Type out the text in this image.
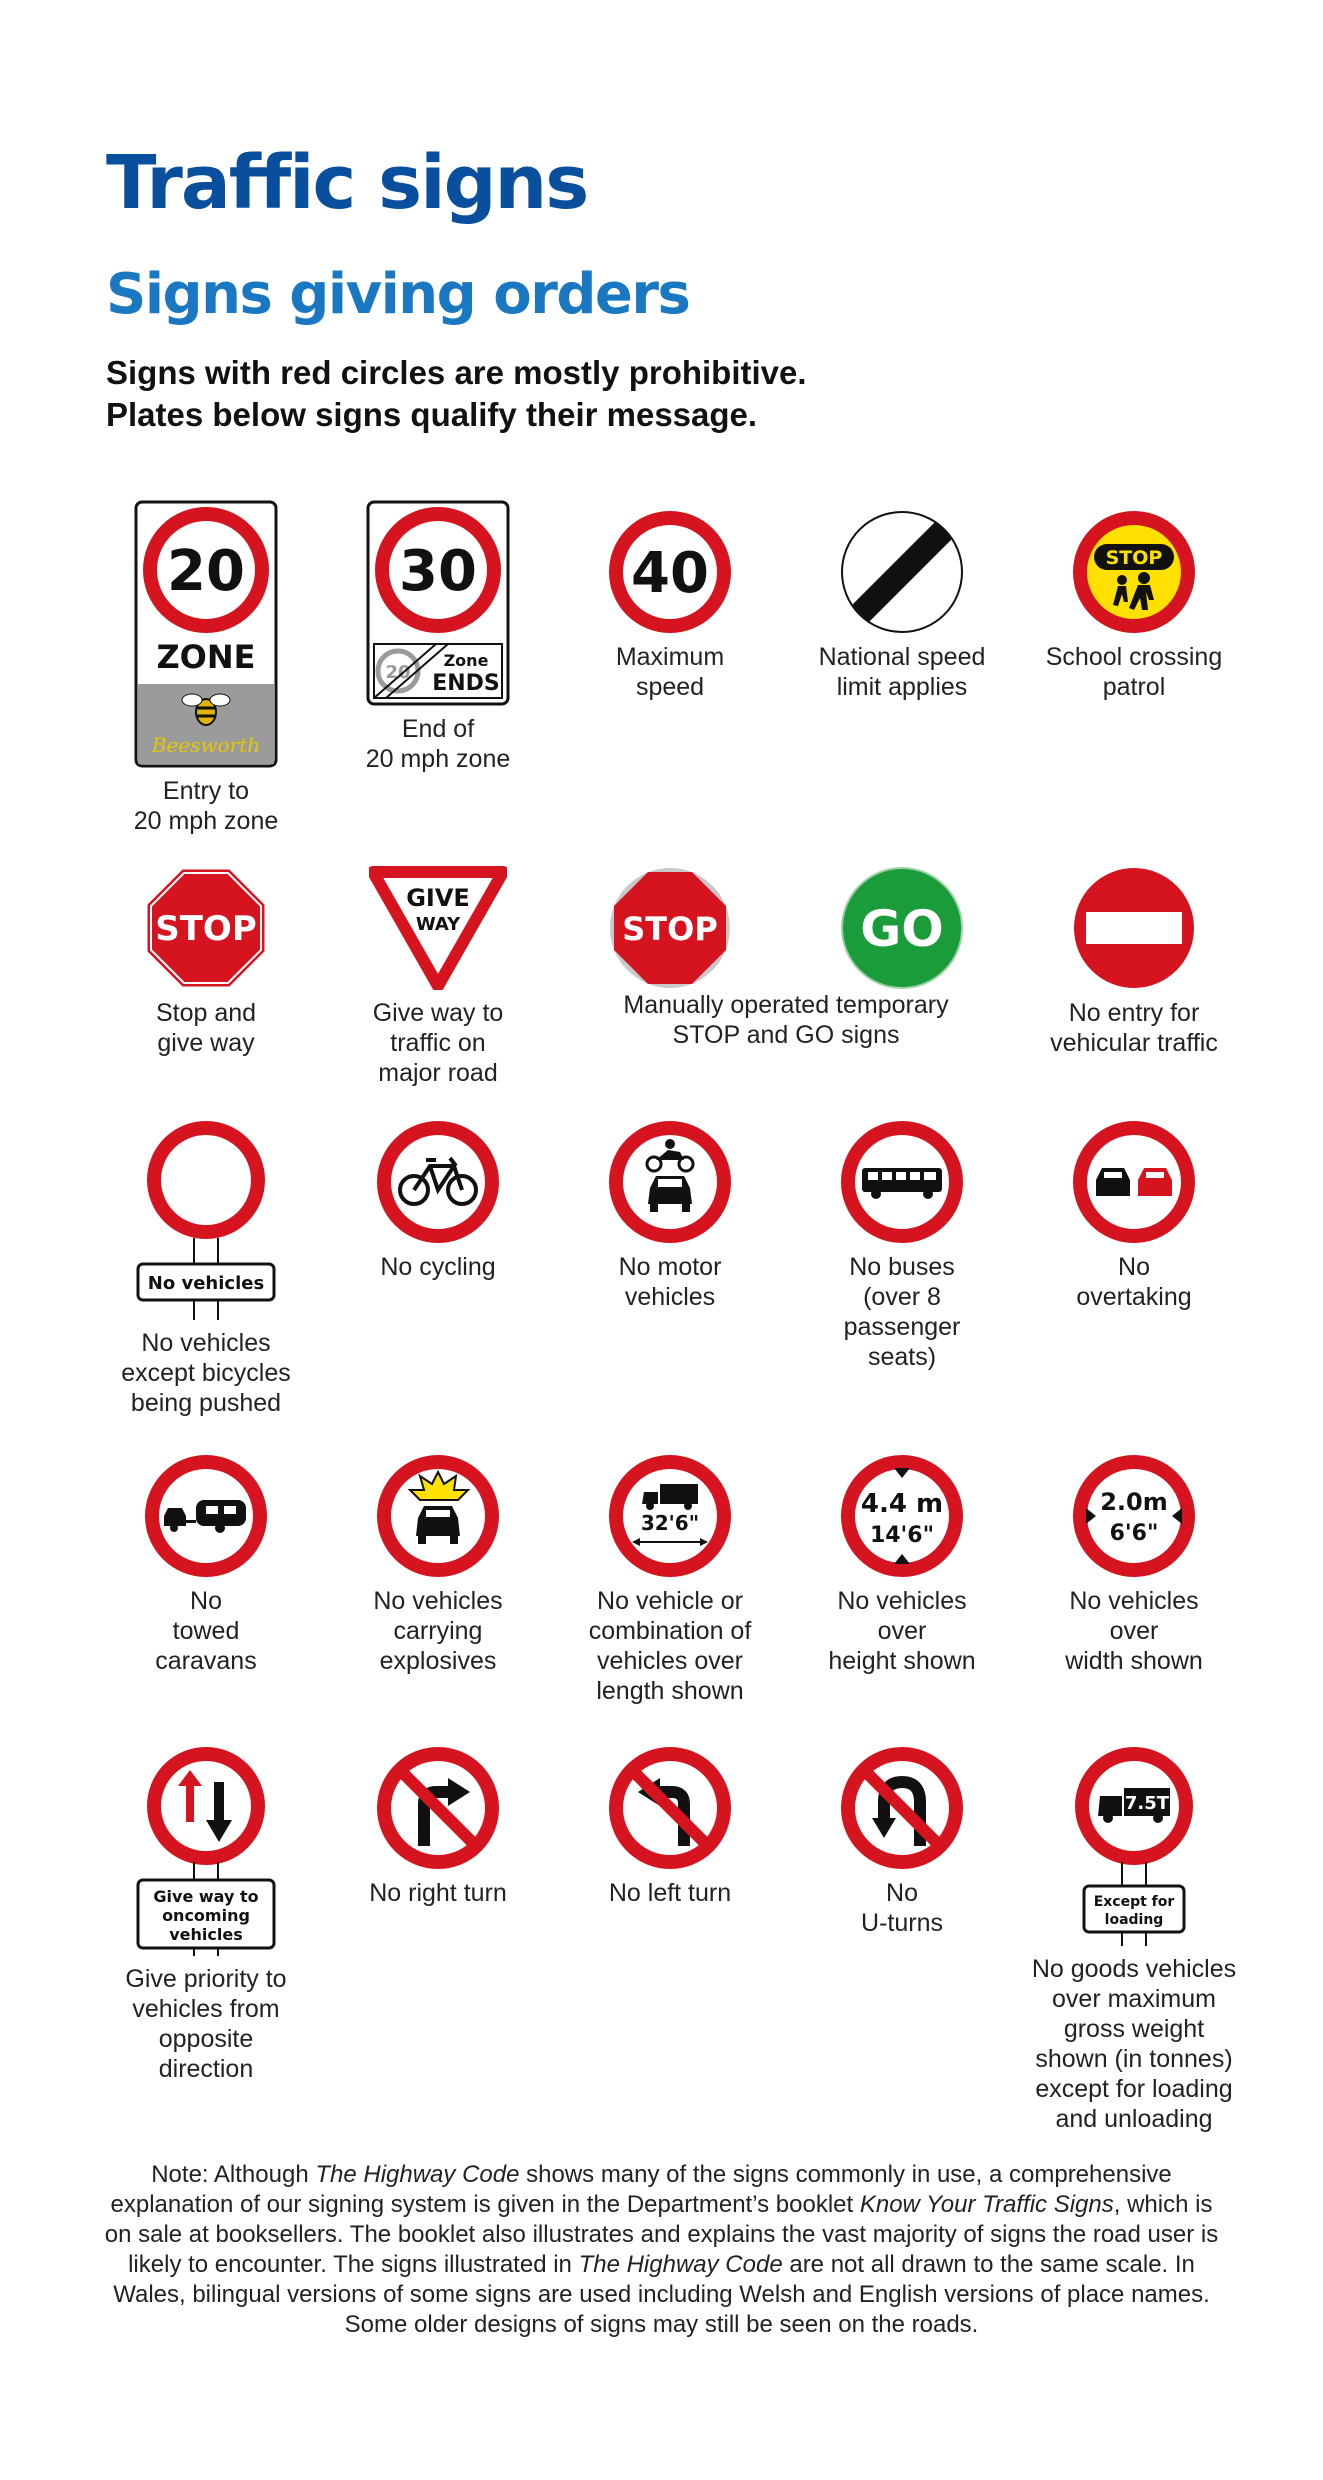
Traffic signs
Signs giving orders
Signs with red circles are mostly prohibitive.
Plates below signs qualify their message.
20
ZONE
Beesworth
Entry to
20 mph zone
30
20
Zone
ENDS
End of
20 mph zone
40
Maximum
speed
National speed
limit applies
STOP
School crossing
patrol
STOP
Stop and
give way
GIVE
WAY
Give way to
traffic on
major road
STOP	GO
Manually operated temporary
STOP and GO signs
No entry for
vehicular traffic
No vehicles
No vehicles
except bicycles
being pushed
No cycling	No motor
vehicles
No buses
(over 8
passenger
seats)
No
overtaking
No
towed
caravans
No vehicles
carrying
explosives
32'6"
No vehicle or
combination of
vehicles over
length shown
4.4 m
14'6"
No vehicles
over
height shown
2.0m
6'6"
No vehicles
over
width shown
Give way to
oncoming
vehicles
Give priority to
vehicles from
opposite
direction
No right turn	No left turn	No
U-turns
7.5T
Except for
loading
No goods vehicles
over maximum
gross weight
shown (in tonnes)
except for loading
and unloading
Note: Although The Highway Code shows many of the signs commonly in use, a comprehensive explanation of our signing system is given in the Department’s booklet Know Your Traffic Signs, which is on sale at booksellers. The booklet also illustrates and explains the vast majority of signs the road user is likely to encounter. The signs illustrated in The Highway Code are not all drawn to the same scale. In Wales, bilingual versions of some signs are used including Welsh and English versions of place names. Some older designs of signs may still be seen on the roads.
